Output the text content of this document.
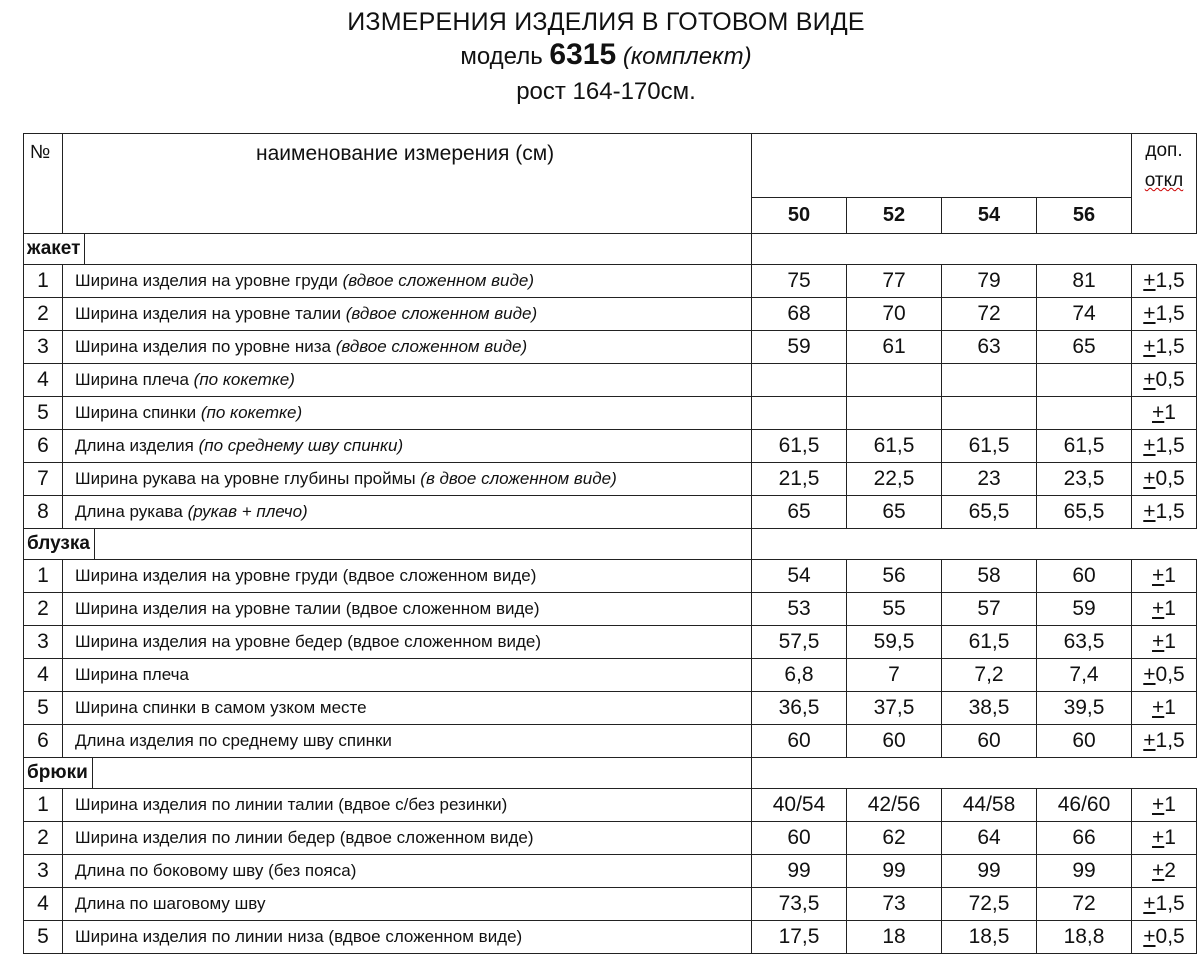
ИЗМЕРЕНИЯ ИЗДЕЛИЯ В ГОТОВОМ ВИДЕ
модель 6315 (комплект)
рост 164-170см.
№	наименование измерения (см)					доп.
откл
		50	52	54	56	
жакет						
1	Ширина изделия на уровне груди (вдвое сложенном виде)	75	77	79	81	+1,5
2	Ширина изделия на уровне талии (вдвое сложенном виде)	68	70	72	74	+1,5
3	Ширина изделия по уровне низа (вдвое сложенном виде)	59	61	63	65	+1,5
4	Ширина плеча (по кокетке)					+0,5
5	Ширина спинки (по кокетке)					+1
6	Длина изделия (по среднему шву спинки)	61,5	61,5	61,5	61,5	+1,5
7	Ширина рукава на уровне глубины проймы (в двое сложенном виде)	21,5	22,5	23	23,5	+0,5
8	Длина рукава (рукав + плечо)	65	65	65,5	65,5	+1,5
блузка						
1	Ширина изделия на уровне груди (вдвое сложенном виде)	54	56	58	60	+1
2	Ширина изделия на уровне талии (вдвое сложенном виде)	53	55	57	59	+1
3	Ширина изделия на уровне бедер (вдвое сложенном виде)	57,5	59,5	61,5	63,5	+1
4	Ширина плеча	6,8	7	7,2	7,4	+0,5
5	Ширина спинки в самом узком месте	36,5	37,5	38,5	39,5	+1
6	Длина изделия по среднему шву спинки	60	60	60	60	+1,5
брюки						
1	Ширина изделия по линии талии (вдвое с/без резинки)	40/54	42/56	44/58	46/60	+1
2	Ширина изделия по линии бедер (вдвое сложенном виде)	60	62	64	66	+1
3	Длина по боковому шву (без пояса)	99	99	99	99	+2
4	Длина по шаговому шву	73,5	73	72,5	72	+1,5
5	Ширина изделия по линии низа (вдвое сложенном виде)	17,5	18	18,5	18,8	+0,5
